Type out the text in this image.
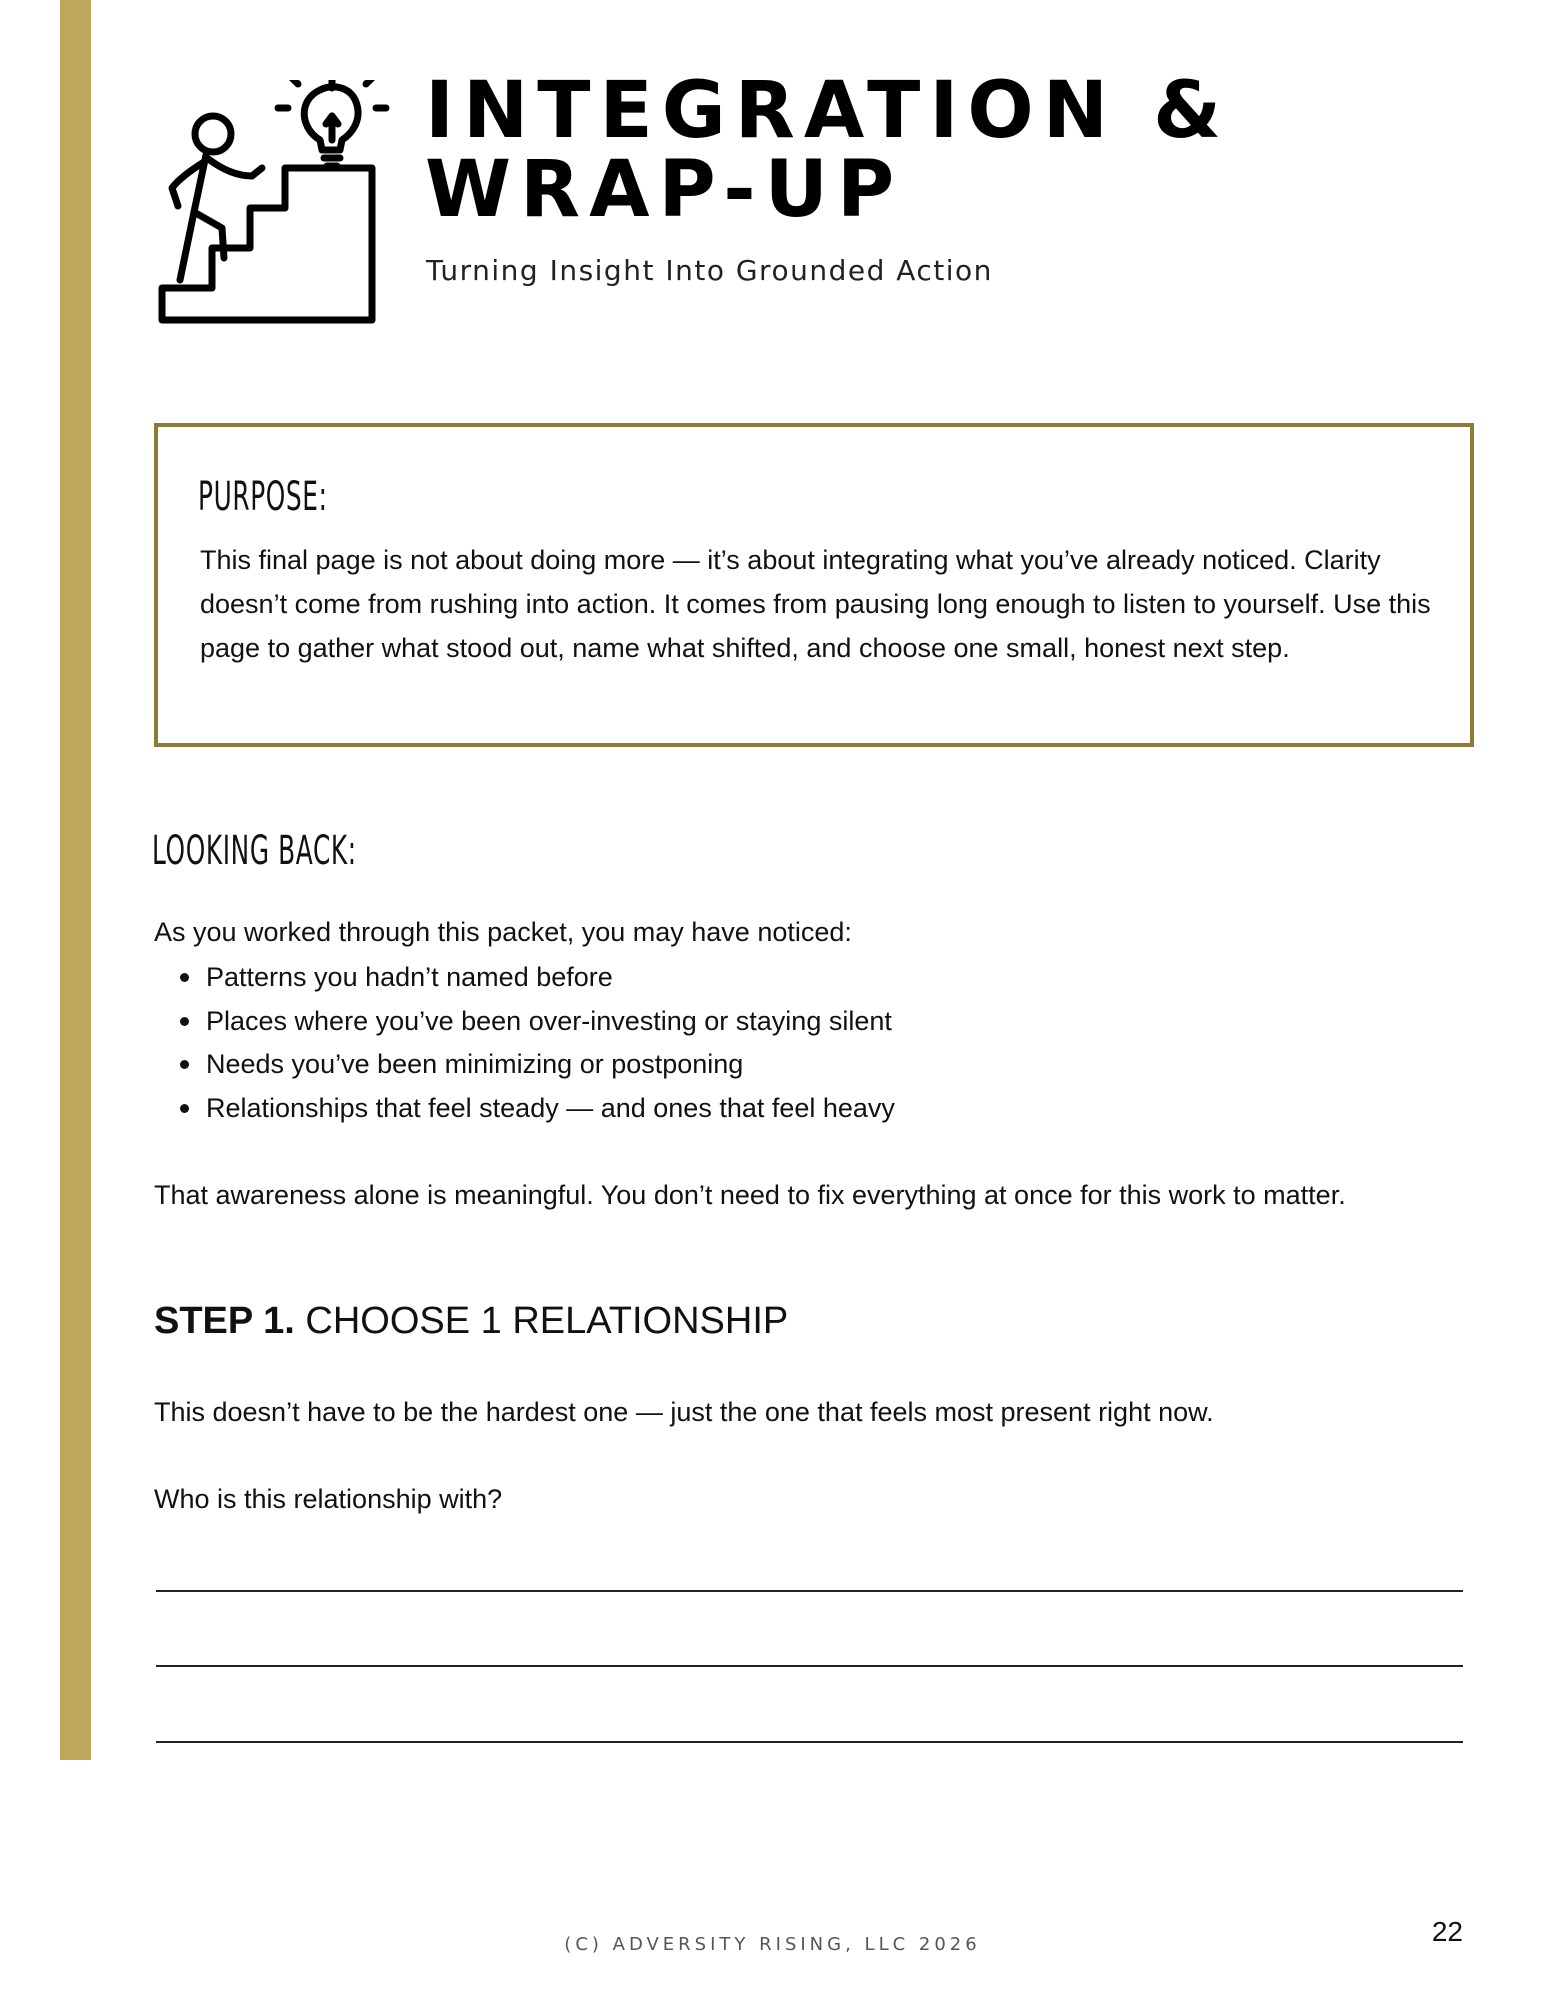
INTEGRATION &
WRAP-UP
Turning Insight Into Grounded Action
PURPOSE:
This final page is not about doing more — it’s about integrating what you’ve already noticed. Clarity doesn’t come from rushing into action. It comes from pausing long enough to listen to yourself. Use this page to gather what stood out, name what shifted, and choose one small, honest next step.
LOOKING BACK:
As you worked through this packet, you may have noticed:
Patterns you hadn’t named before
Places where you’ve been over-investing or staying silent
Needs you’ve been minimizing or postponing
Relationships that feel steady — and ones that feel heavy
That awareness alone is meaningful. You don’t need to fix everything at once for this work to matter.
STEP 1. CHOOSE 1 RELATIONSHIP
This doesn’t have to be the hardest one — just the one that feels most present right now.
Who is this relationship with?
(C) ADVERSITY RISING, LLC 2026	22
